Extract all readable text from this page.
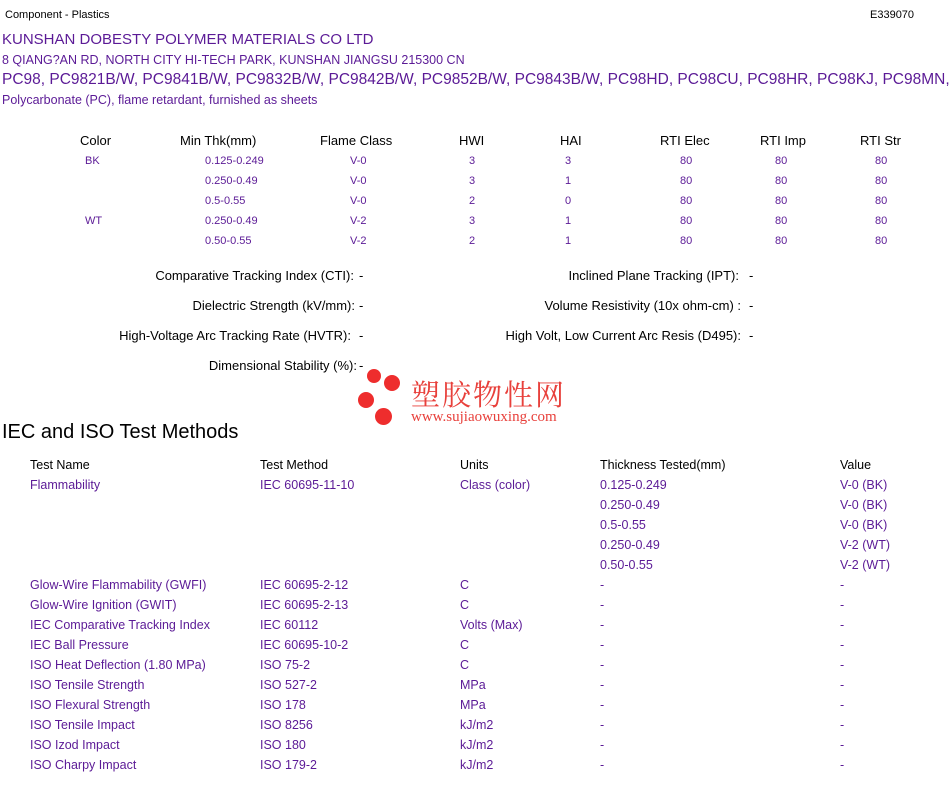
Component - Plastics	E339070
KUNSHAN DOBESTY POLYMER MATERIALS CO LTD
8 QIANG?AN RD, NORTH CITY HI-TECH PARK, KUNSHAN JIANGSU 215300 CN
PC98, PC9821B/W, PC9841B/W, PC9832B/W, PC9842B/W, PC9852B/W, PC9843B/W, PC98HD, PC98CU, PC98HR, PC98KJ, PC98MN,
Polycarbonate (PC), flame retardant, furnished as sheets
Color	Min Thk(mm)	Flame Class	HWI	HAI	RTI Elec	RTI Imp	RTI Str
BK	0.125-0.249	V-0	3	3	80	80	80
0.250-0.49	V-0	3	1	80	80	80
0.5-0.55	V-0	2	0	80	80	80
WT	0.250-0.49	V-2	3	1	80	80	80
0.50-0.55	V-2	2	1	80	80	80
Comparative Tracking Index (CTI): -	Inclined Plane Tracking (IPT): -
Dielectric Strength (kV/mm): -	Volume Resistivity (10x ohm-cm) : -
High-Voltage Arc Tracking Rate (HVTR): -	High Volt, Low Current Arc Resis (D495): -
Dimensional Stability (%): -
塑胶物性网
www.sujiaowuxing.com
IEC and ISO Test Methods
Test Name	Test Method	Units	Thickness Tested(mm)	Value
Flammability	IEC 60695-11-10	Class (color)	0.125-0.249	V-0 (BK)
0.250-0.49	V-0 (BK)
0.5-0.55	V-0 (BK)
0.250-0.49	V-2 (WT)
0.50-0.55	V-2 (WT)
Glow-Wire Flammability (GWFI)	IEC 60695-2-12	C	-	-
Glow-Wire Ignition (GWIT)	IEC 60695-2-13	C	-	-
IEC Comparative Tracking Index	IEC 60112	Volts (Max)	-	-
IEC Ball Pressure	IEC 60695-10-2	C	-	-
ISO Heat Deflection (1.80 MPa)	ISO 75-2	C	-	-
ISO Tensile Strength	ISO 527-2	MPa	-	-
ISO Flexural Strength	ISO 178	MPa	-	-
ISO Tensile Impact	ISO 8256	kJ/m2	-	-
ISO Izod Impact	ISO 180	kJ/m2	-	-
ISO Charpy Impact	ISO 179-2	kJ/m2	-	-
